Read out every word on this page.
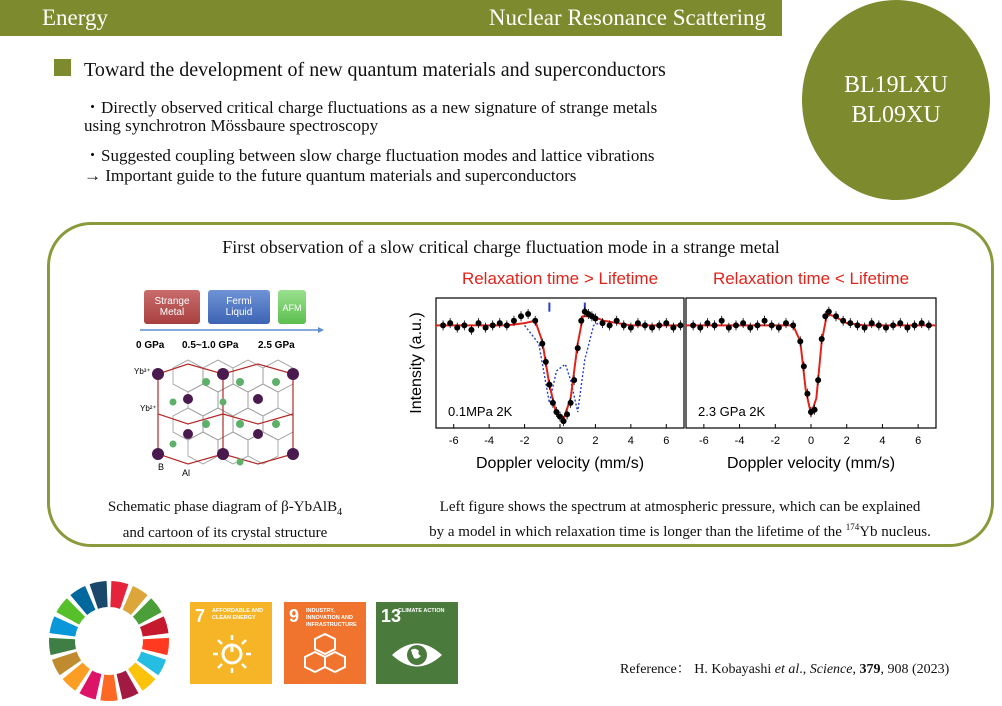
Energy	Nuclear Resonance Scattering
BL19LXU
BL09XU
Toward the development of new quantum materials and superconductors
・Directly observed critical charge fluctuations as a new signature of strange metals
using synchrotron Mössbaure spectroscopy
・Suggested coupling between slow charge fluctuation modes and lattice vibrations
→ Important guide to the future quantum materials and superconductors
First observation of a slow critical charge fluctuation mode in a strange metal
Strange
Metal
Fermi
Liquid	AFM
0 GPa 0.5~1.0 GPa 2.5 GPa
Yb³⁺
Yb²⁺
B
Al
Schematic phase diagram of β-YbAlB$_4$
and cartoon of its crystal structure
Left figure shows the spectrum at atmospheric pressure, which can be explained
by a model in which relaxation time is longer than the lifetime of the $^{174}$Yb nucleus.
Relaxation time > Lifetime
-6 -4 -2 0	2	4	6
Doppler velocity (mm/s)
Intensity (a.u.) 0.1MPa 2K
Relaxation time < Lifetime
-6 -4 -2	0	2	4	6
Doppler velocity (mm/s)
2.3 GPa 2K
7 AFFORDABLE AND CLEAN ENERGY	9 INDUSTRY, INNOVATION AND INFRASTRUCTURE 13
CLIMATE ACTION
Reference： H. Kobayashi et al., Science, 379, 908 (2023)
